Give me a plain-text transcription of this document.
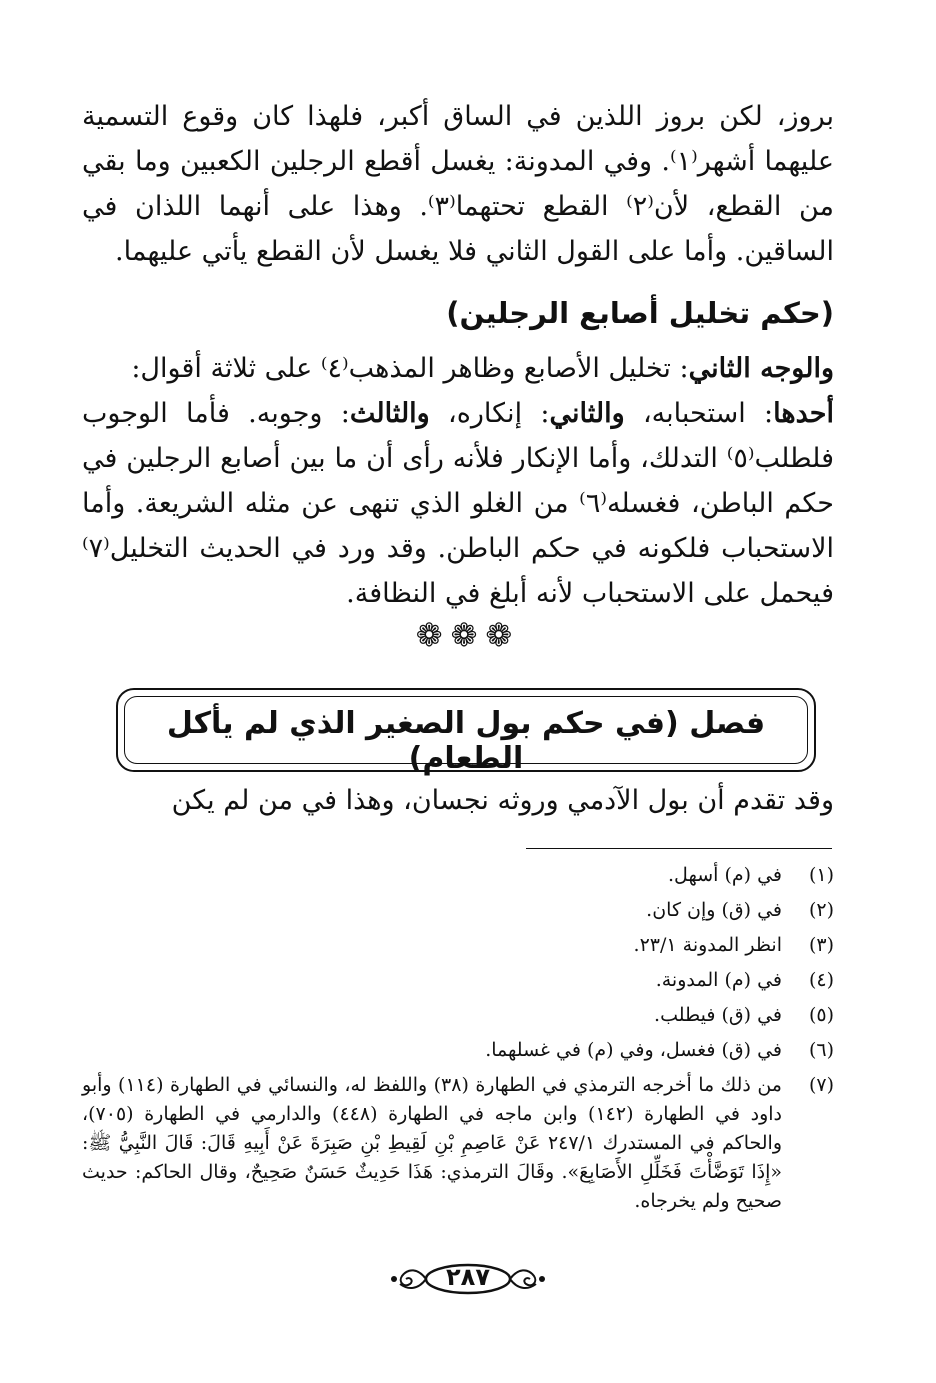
بروز، لكن بروز اللذين في الساق أكبر، فلهذا كان وقوع التسمية عليهما أشهر⁽١⁾. وفي المدونة: يغسل أقطع الرجلين الكعبين وما بقي من القطع، لأن⁽٢⁾ القطع تحتهما⁽٣⁾. وهذا على أنهما اللذان في الساقين. وأما على القول الثاني فلا يغسل لأن القطع يأتي عليهما.

(حكم تخليل أصابع الرجلين)

والوجه الثاني: تخليل الأصابع وظاهر المذهب⁽٤⁾ على ثلاثة أقوال:

أحدها: استحبابه، والثاني: إنكاره، والثالث: وجوبه. فأما الوجوب فلطلب⁽٥⁾ التدلك، وأما الإنكار فلأنه رأى أن ما بين أصابع الرجلين في حكم الباطن، فغسله⁽٦⁾ من الغلو الذي تنهى عن مثله الشريعة. وأما الاستحباب فلكونه في حكم الباطن. وقد ورد في الحديث التخليل⁽٧⁾ فيحمل على الاستحباب لأنه أبلغ في النظافة.

❁❁❁
فصل (في حكم بول الصغير الذي لم يأكل الطعام)

وقد تقدم أن بول الآدمي وروثه نجسان، وهذا في من لم يكن

(١)
في (م) أسهل.
(٢)
في (ق) وإن كان.
(٣)
انظر المدونة ٢٣/١.
(٤)
في (م) المدونة.
(٥)
في (ق) فيطلب.
(٦)
في (ق) فغسل، وفي (م) في غسلهما.
(٧)
من ذلك ما أخرجه الترمذي في الطهارة (٣٨) واللفظ له، والنسائي في الطهارة (١١٤) وأبو داود في الطهارة (١٤٢) وابن ماجه في الطهارة (٤٤٨) والدارمي في الطهارة (٧٠٥)، والحاكم في المستدرك ٢٤٧/١ عَنْ عَاصِمِ بْنِ لَقِيطِ بْنِ صَبِرَةَ عَنْ أَبِيهِ قَالَ: قَالَ النَّبِيُّ ﷺ: «إِذَا تَوَضَّأْتَ فَخَلِّلِ الأَصَابِعَ». وقَالَ الترمذي: هَذَا حَدِيثٌ حَسَنٌ صَحِيحٌ، وقال الحاكم: حديث صحيح ولم يخرجاه.
٢٨٧
